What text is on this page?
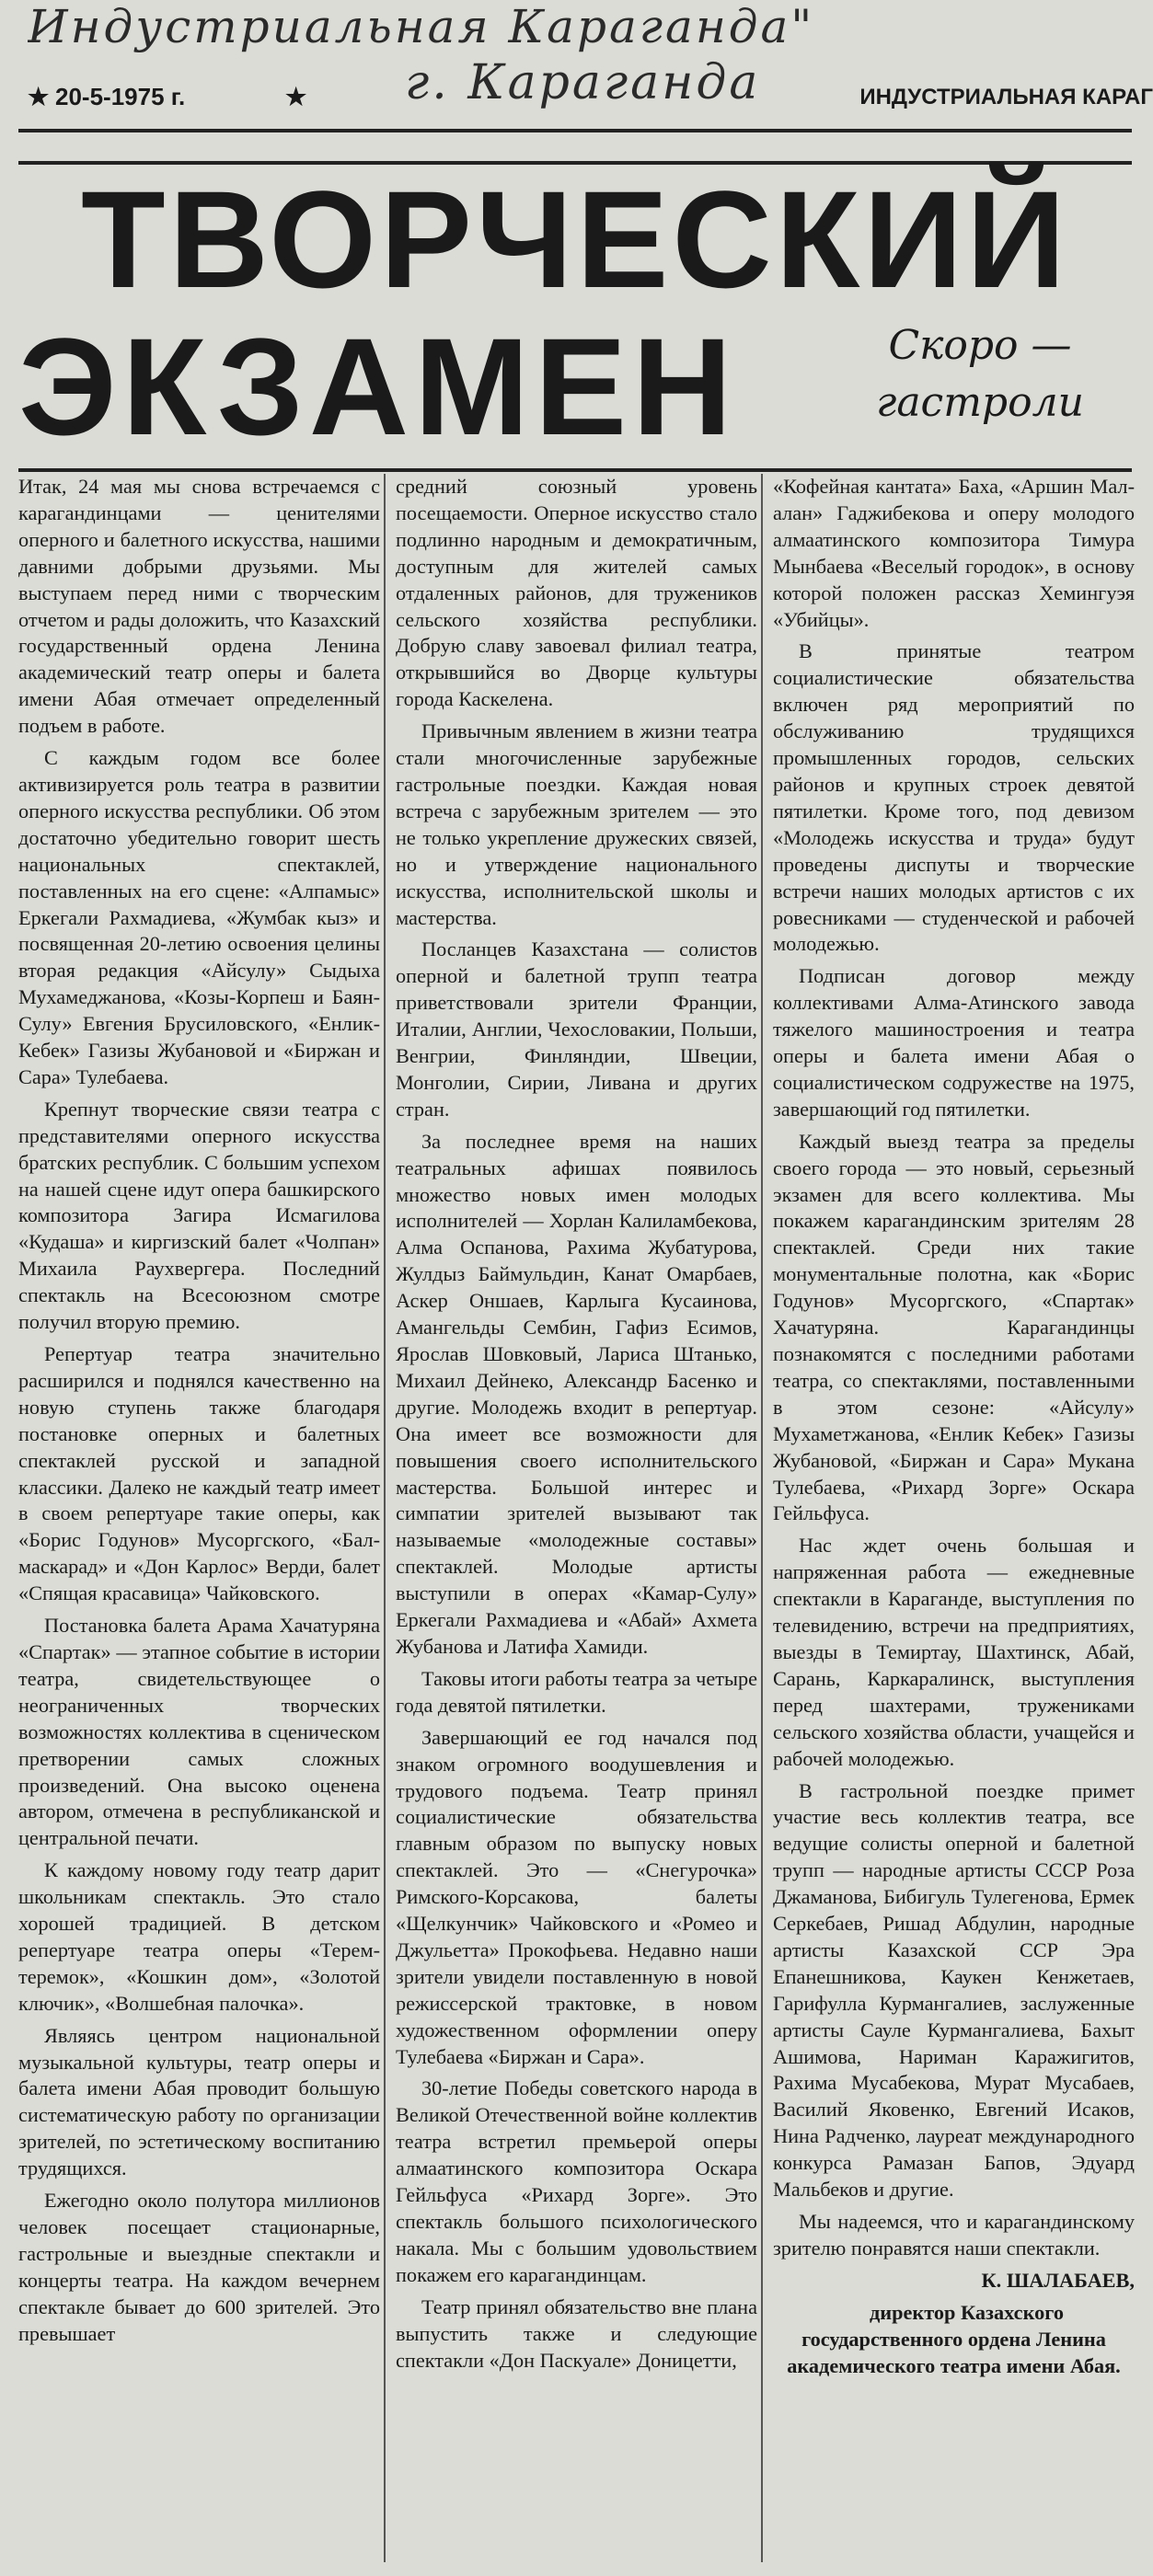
Индустриальная Караганда"
★ 20-5-1975 г.	★	ИНДУСТРИАЛЬНАЯ КАРАГ
г. Караганда
ТВОРЧЕСКИЙ
ЭКЗАМЕН	Скоро —
гастроли

Итак, 24 мая мы снова встречаемся с карагандинцами — ценителями оперного и балетного искусства, нашими давними добрыми друзьями. Мы выступаем перед ними с творческим отчетом и рады доложить, что Казахский государственный ордена Ленина академический театр оперы и балета имени Абая отмечает определенный подъем в работе.

С каждым годом все более активизируется роль театра в развитии оперного искусства республики. Об этом достаточно убедительно говорит шесть национальных спектаклей, поставленных на его сцене: «Алпамыс» Еркегали Рахмадиева, «Жумбак кыз» и посвященная 20-летию освоения целины вторая редакция «Айсулу» Сыдыха Мухамеджанова, «Козы-Корпеш и Баян-Сулу» Евгения Брусиловского, «Енлик-Кебек» Газизы Жубановой и «Биржан и Сара» Тулебаева.

Крепнут творческие связи театра с представителями оперного искусства братских республик. С большим успехом на нашей сцене идут опера башкирского композитора Загира Исмагилова «Кудаша» и киргизский балет «Чолпан» Михаила Раухвергера. Последний спектакль на Всесоюзном смотре получил вторую премию.

Репертуар театра значительно расширился и поднялся качественно на новую ступень также благодаря постановке оперных и балетных спектаклей русской и западной классики. Далеко не каждый театр имеет в своем репертуаре такие оперы, как «Борис Годунов» Мусоргского, «Бал-маскарад» и «Дон Карлос» Верди, балет «Спящая красавица» Чайковского.

Постановка балета Арама Хачатуряна «Спартак» — этапное событие в истории театра, свидетельствующее о неограниченных творческих возможностях коллектива в сценическом претворении самых сложных произведений. Она высоко оценена автором, отмечена в республиканской и центральной печати.

К каждому новому году театр дарит школьникам спектакль. Это стало хорошей традицией. В детском репертуаре театра оперы «Терем-теремок», «Кошкин дом», «Золотой ключик», «Волшебная палочка».

Являясь центром национальной музыкальной культуры, театр оперы и балета имени Абая проводит большую систематическую работу по организации зрителей, по эстетическому воспитанию трудящихся.

Ежегодно около полутора миллионов человек посещает стационарные, гастрольные и выездные спектакли и концерты театра. На каждом вечернем спектакле бывает до 600 зрителей. Это превышает

средний союзный уровень посещаемости. Оперное искусство стало подлинно народным и демократичным, доступным для жителей самых отдаленных районов, для тружеников сельского хозяйства республики. Добрую славу завоевал филиал театра, открывшийся во Дворце культуры города Каскелена.

Привычным явлением в жизни театра стали многочисленные зарубежные гастрольные поездки. Каждая новая встреча с зарубежным зрителем — это не только укрепление дружеских связей, но и утверждение национального искусства, исполнительской школы и мастерства.

Посланцев Казахстана — солистов оперной и балетной трупп театра приветствовали зрители Франции, Италии, Англии, Чехословакии, Польши, Венгрии, Финляндии, Швеции, Монголии, Сирии, Ливана и других стран.

За последнее время на наших театральных афишах появилось множество новых имен молодых исполнителей — Хорлан Калиламбекова, Алма Оспанова, Рахима Жубатурова, Жулдыз Баймульдин, Канат Омарбаев, Аскер Оншаев, Карлыга Кусаинова, Амангельды Сембин, Гафиз Есимов, Ярослав Шовковый, Лариса Штанько, Михаил Дейнеко, Александр Басенко и другие. Молодежь входит в репертуар. Она имеет все возможности для повышения своего исполнительского мастерства. Большой интерес и симпатии зрителей вызывают так называемые «молодежные составы» спектаклей. Молодые артисты выступили в операх «Камар-Сулу» Еркегали Рахмадиева и «Абай» Ахмета Жубанова и Латифа Хамиди.

Таковы итоги работы театра за четыре года девятой пятилетки.

Завершающий ее год начался под знаком огромного воодушевления и трудового подъема. Театр принял социалистические обязательства главным образом по выпуску новых спектаклей. Это — «Снегурочка» Римского-Корсакова, балеты «Щелкунчик» Чайковского и «Ромео и Джульетта» Прокофьева. Недавно наши зрители увидели поставленную в новой режиссерской трактовке, в новом художественном оформлении оперу Тулебаева «Биржан и Сара».

30-летие Победы советского народа в Великой Отечественной войне коллектив театра встретил премьерой оперы алмаатинского композитора Оскара Гейльфуса «Рихард Зорге». Это спектакль большого психологического накала. Мы с большим удовольствием покажем его карагандинцам.

Театр принял обязательство вне плана выпустить также и следующие спектакли «Дон Паскуале» Доницетти,

«Кофейная кантата» Баха, «Аршин Мал-алан» Гаджибекова и оперу молодого алмаатинского композитора Тимура Мынбаева «Веселый городок», в основу которой положен рассказ Хемингуэя «Убийцы».

В принятые театром социалистические обязательства включен ряд мероприятий по обслуживанию трудящихся промышленных городов, сельских районов и крупных строек девятой пятилетки. Кроме того, под девизом «Молодежь искусства и труда» будут проведены диспуты и творческие встречи наших молодых артистов с их ровесниками — студенческой и рабочей молодежью.

Подписан договор между коллективами Алма-Атинского завода тяжелого машиностроения и театра оперы и балета имени Абая о социалистическом содружестве на 1975, завершающий год пятилетки.

Каждый выезд театра за пределы своего города — это новый, серьезный экзамен для всего коллектива. Мы покажем карагандинским зрителям 28 спектаклей. Среди них такие монументальные полотна, как «Борис Годунов» Мусоргского, «Спартак» Хачатуряна. Карагандинцы познакомятся с последними работами театра, со спектаклями, поставленными в этом сезоне: «Айсулу» Мухаметжанова, «Енлик Кебек» Газизы Жубановой, «Биржан и Сара» Мукана Тулебаева, «Рихард Зорге» Оскара Гейльфуса.

Нас ждет очень большая и напряженная работа — ежедневные спектакли в Караганде, выступления по телевидению, встречи на предприятиях, выезды в Темиртау, Шахтинск, Абай, Сарань, Каркаралинск, выступления перед шахтерами, тружениками сельского хозяйства области, учащейся и рабочей молодежью.

В гастрольной поездке примет участие весь коллектив театра, все ведущие солисты оперной и балетной трупп — народные артисты СССР Роза Джаманова, Бибигуль Тулегенова, Ермек Серкебаев, Ришад Абдулин, народные артисты Казахской ССР Эра Епанешникова, Каукен Кенжетаев, Гарифулла Курмангалиев, заслуженные артисты Сауле Курмангалиева, Бахыт Ашимова, Нариман Каражигитов, Рахима Мусабекова, Мурат Мусабаев, Василий Яковенко, Евгений Исаков, Нина Радченко, лауреат международного конкурса Рамазан Бапов, Эдуард Мальбеков и другие.

Мы надеемся, что и карагандинскому зрителю понравятся наши спектакли.

К. ШАЛАБАЕВ,

директор Казахского государственного ордена Ленина академического театра имени Абая.
